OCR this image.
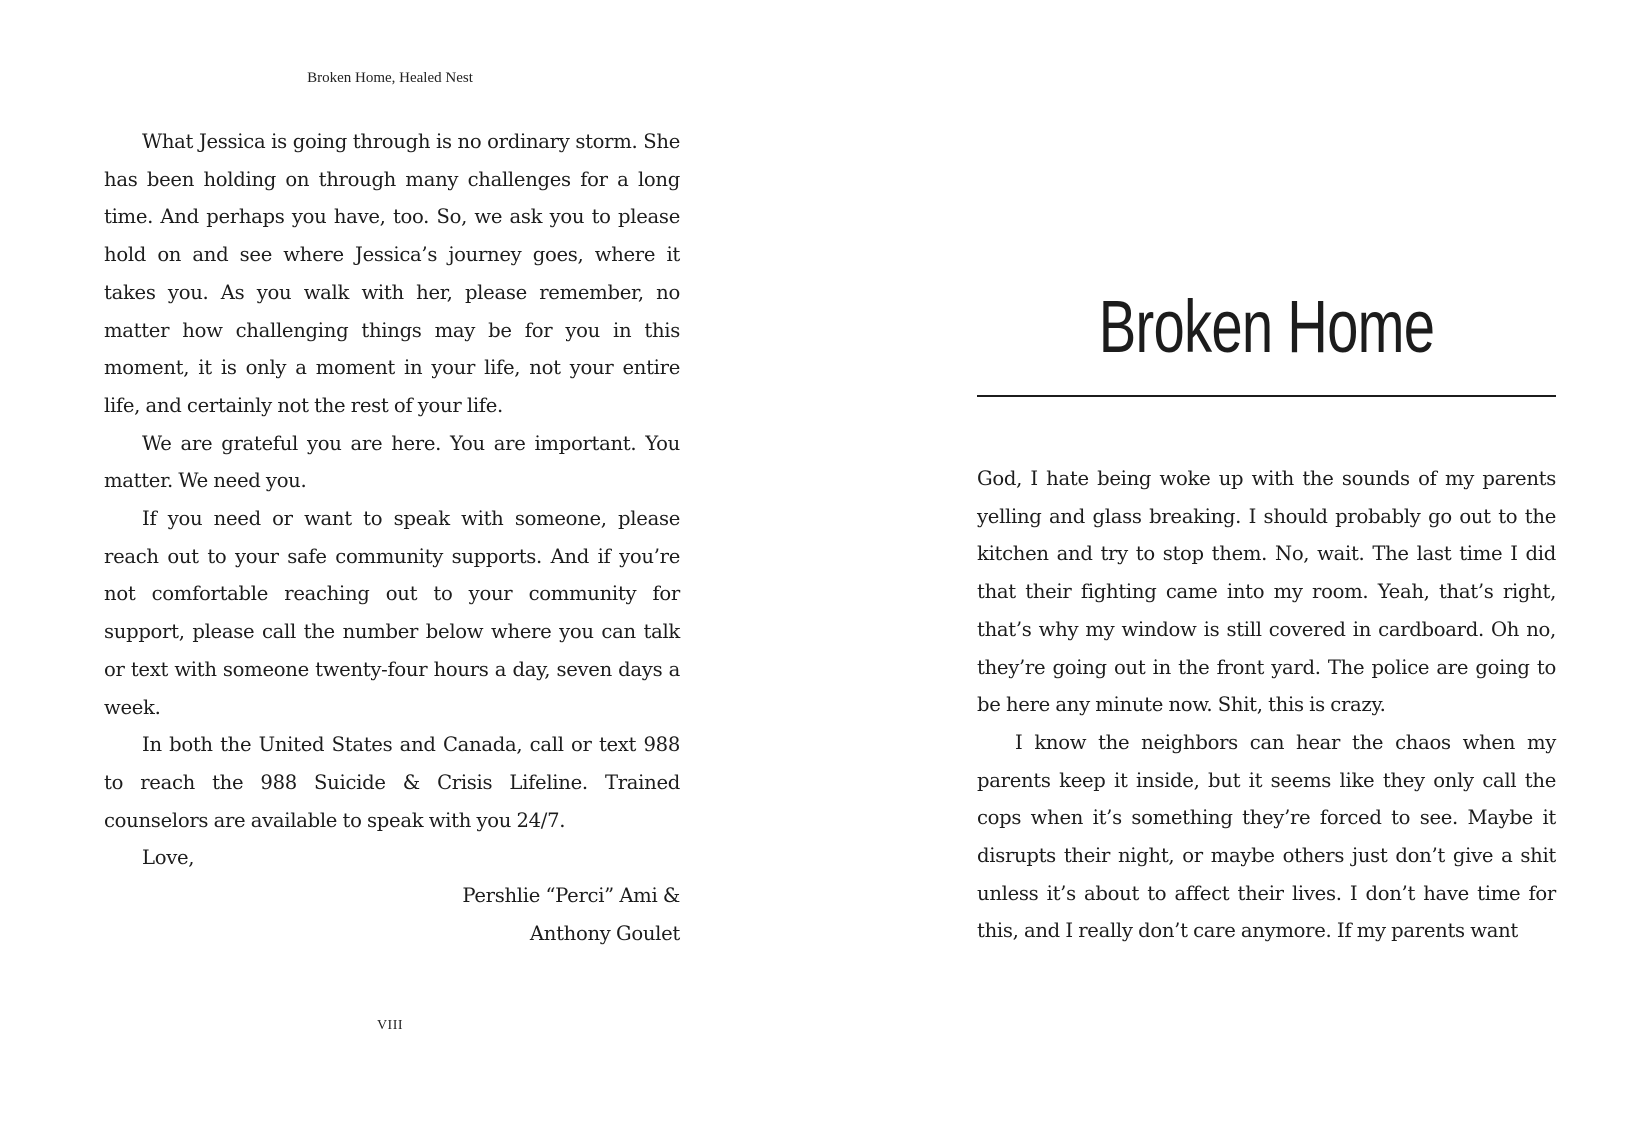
Broken Home, Healed Nest

What Jessica is going through is no ordinary storm. She has been holding on through many challenges for a long time. And perhaps you have, too. So, we ask you to please hold on and see where Jessica’s journey goes, where it takes you. As you walk with her, please remember, no matter how challenging things may be for you in this moment, it is only a moment in your life, not your entire life, and certainly not the rest of your life.

We are grateful you are here. You are important. You matter. We need you.

If you need or want to speak with someone, please reach out to your safe community supports. And if you’re not comfortable reaching out to your community for support, please call the number below where you can talk or text with someone twenty-four hours a day, seven days a week.

In both the United States and Canada, call or text 988 to reach the 988 Suicide & Crisis Lifeline. Trained counselors are available to speak with you 24/7.

Love,

Pershlie “Perci” Ami &

Anthony Goulet

VIII
Broken Home

God, I hate being woke up with the sounds of my parents yelling and glass breaking. I should probably go out to the kitchen and try to stop them. No, wait. The last time I did that their fighting came into my room. Yeah, that’s right, that’s why my window is still covered in cardboard. Oh no, they’re going out in the front yard. The police are going to be here any minute now. Shit, this is crazy.

I know the neighbors can hear the chaos when my parents keep it inside, but it seems like they only call the cops when it’s something they’re forced to see. Maybe it disrupts their night, or maybe others just don’t give a shit unless it’s about to affect their lives. I don’t have time for this, and I really don’t care anymore. If my parents want
